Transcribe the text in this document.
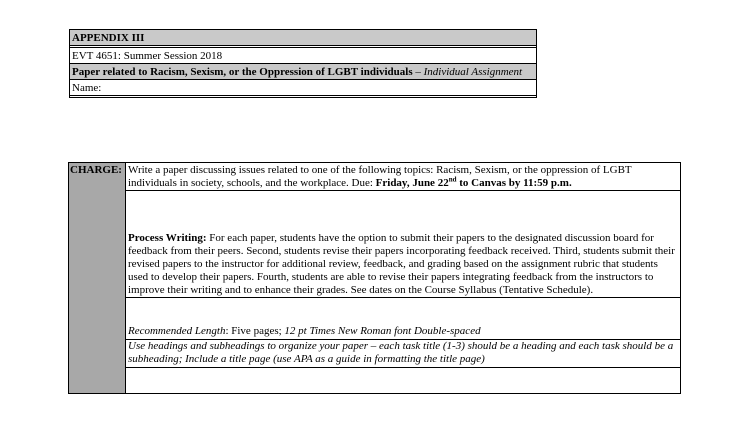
APPENDIX III

EVT 4651: Summer Session 2018
Paper related to Racism, Sexism, or the Oppression of LGBT individuals – Individual Assignment
Name:

CHARGE: Write a paper discussing issues related to one of the following topics: Racism, Sexism, or the oppression of LGBT individuals in society, schools, and the workplace. Due: Friday, June 22nd to Canvas by 11:59 p.m.
Process Writing: For each paper, students have the option to submit their papers to the designated discussion board for feedback from their peers. Second, students revise their papers incorporating feedback received. Third, students submit their revised papers to the instructor for additional review, feedback, and grading based on the assignment rubric that students used to develop their papers. Fourth, students are able to revise their papers integrating feedback from the instructors to improve their writing and to enhance their grades. See dates on the Course Syllabus (Tentative Schedule).
Recommended Length: Five pages; 12 pt Times New Roman font Double-spaced
Use headings and subheadings to organize your paper – each task title (1-3) should be a heading and each task should be a subheading; Include a title page (use APA as a guide in formatting the title page)
